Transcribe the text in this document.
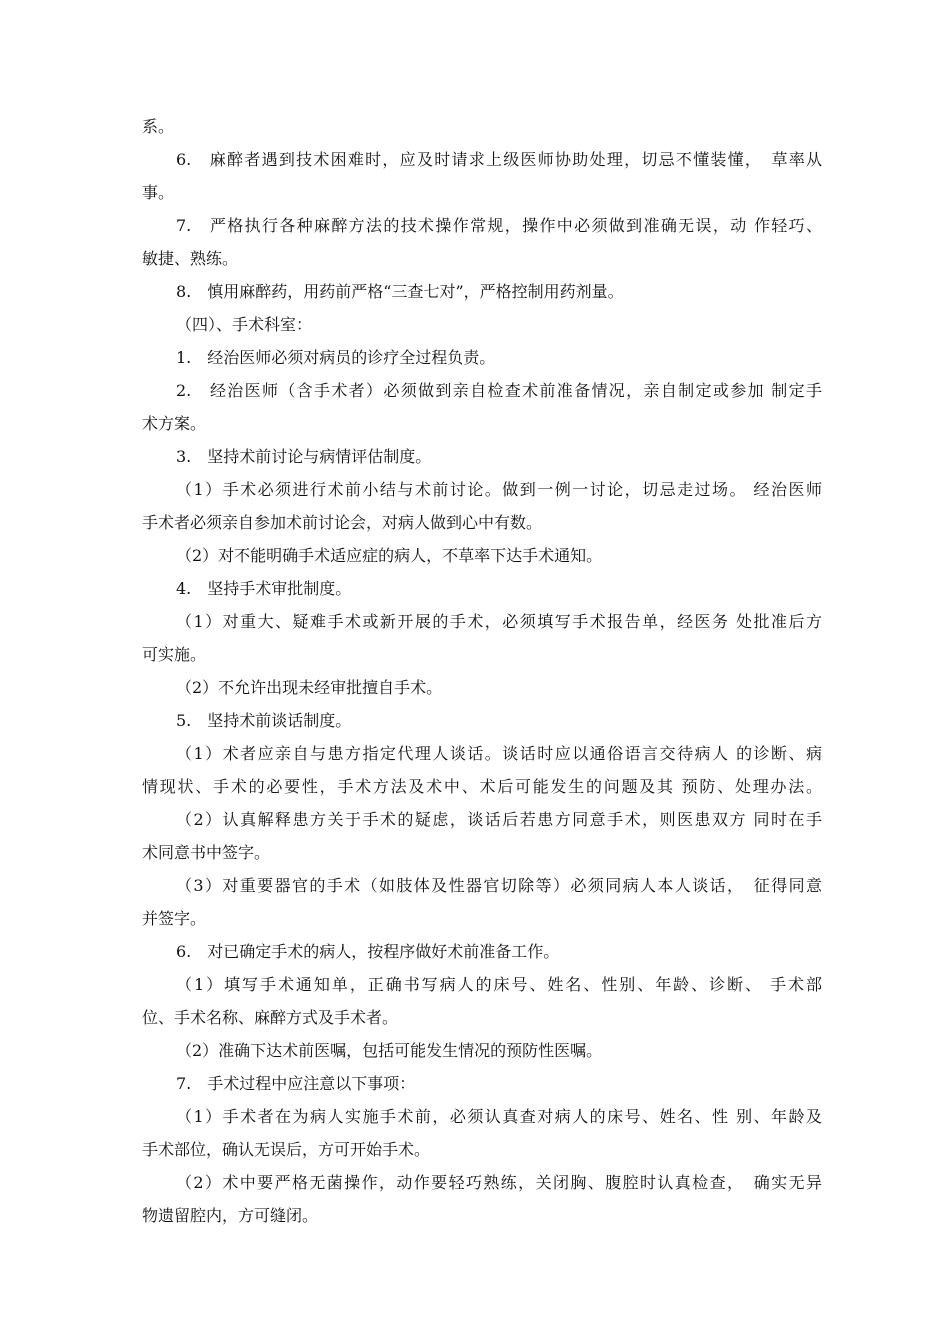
系。
6.　麻醉者遇到技术困难时，应及时请求上级医师协助处理，切忌不懂装懂，　草率从
事。
7.　严格执行各种麻醉方法的技术操作常规，操作中必须做到准确无误，动 作轻巧、
敏捷、熟练。
8.　慎用麻醉药，用药前严格“三查七对”，严格控制用药剂量。
（四）、手术科室：
1.　经治医师必须对病员的诊疗全过程负责。
2.　经治医师（含手术者）必须做到亲自检查术前准备情况，亲自制定或参加 制定手
术方案。
3.　坚持术前讨论与病情评估制度。
（1）手术必须进行术前小结与术前讨论。做到一例一讨论，切忌走过场。 经治医师
手术者必须亲自参加术前讨论会，对病人做到心中有数。
（2）对不能明确手术适应症的病人，不草率下达手术通知。
4.　坚持手术审批制度。
（1）对重大、疑难手术或新开展的手术，必须填写手术报告单，经医务 处批准后方
可实施。
（2）不允许出现未经审批擅自手术。
5.　坚持术前谈话制度。
（1）术者应亲自与患方指定代理人谈话。谈话时应以通俗语言交待病人 的诊断、病
情现状、手术的必要性，手术方法及术中、术后可能发生的问题及其 预防、处理办法。
（2）认真解释患方关于手术的疑虑，谈话后若患方同意手术，则医患双方 同时在手
术同意书中签字。
（3）对重要器官的手术（如肢体及性器官切除等）必须同病人本人谈话，　征得同意
并签字。
6.　对已确定手术的病人，按程序做好术前准备工作。
（1）填写手术通知单，正确书写病人的床号、姓名、性别、年龄、诊断、 手术部
位、手术名称、麻醉方式及手术者。
（2）准确下达术前医嘱，包括可能发生情况的预防性医嘱。
7.　手术过程中应注意以下事项：
（1）手术者在为病人实施手术前，必须认真查对病人的床号、姓名、性 别、年龄及
手术部位，确认无误后，方可开始手术。
（2）术中要严格无菌操作，动作要轻巧熟练，关闭胸、腹腔时认真检查，　确实无异
物遗留腔内，方可缝闭。
